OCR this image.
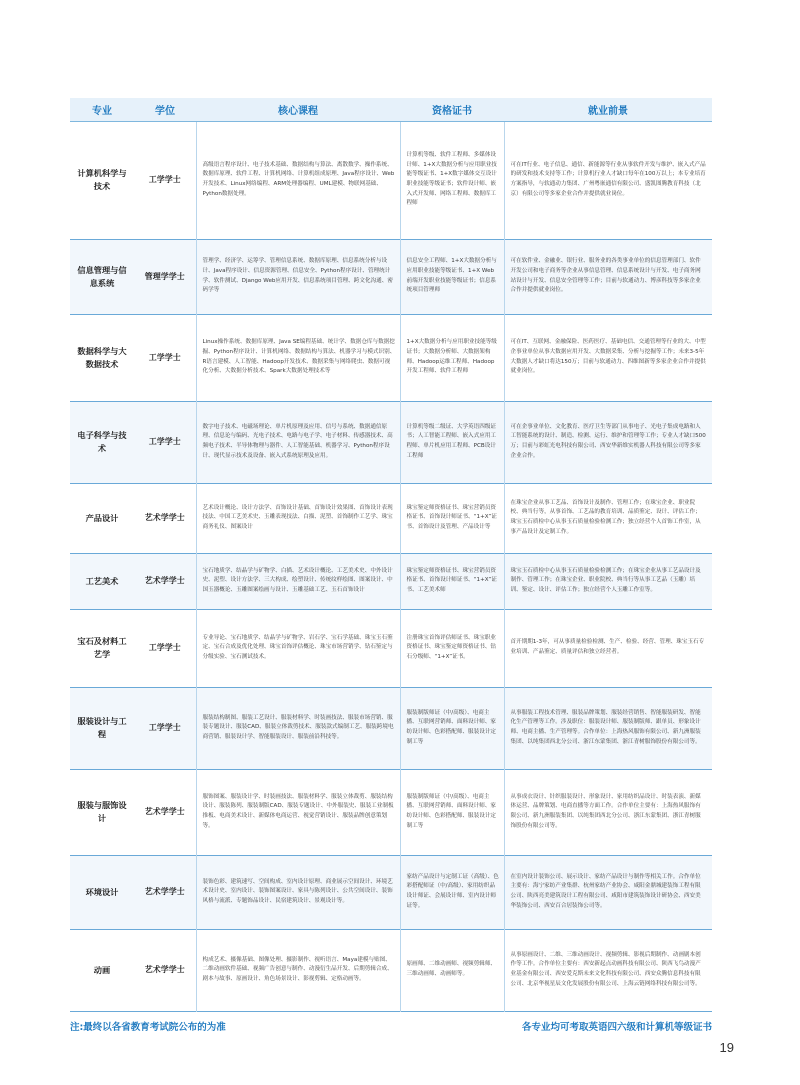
专业	学位	核心课程	资格证书	就业前景
计算机科学与技术	工学学士	高级语言程序设计、电子技术基础、数据结构与算法、离散数学、操作系统、数据库原理、软件工程、计算机网络、计算机组成原理、Java程序设计、Web开发技术、Linux网络编程、ARM处理器编程、UML建模、物联网基础、Python数据处理。	计算机等级、软件工程师、多媒体设计师、1+X大数据分析与应用职业技能等级证书、1+X数字媒体交互设计职业技能等级证书；软件设计师、嵌入式开发师、网络工程师、数据库工程师	可在IT行业、电子信息、通信、新能源等行业从事软件开发与维护、嵌入式产品的研发和技术支持等工作；计算机行业人才缺口每年在100万以上；本专业培育方案指导，与软通动力集团、广州粤嵌通信有限公司、盛凯图腾教育科技（北京）有限公司等多家企业合作并提供就业岗位。
信息管理与信息系统	管理学学士	管理学、经济学、运筹学、管理信息系统、数据库原理、信息系统分析与设计、Java程序设计、信息资源管理、信息安全、Python程序设计、管理统计学、软件测试、Django Web应用开发、信息系统项目管理、跨文化沟通、密码学等	信息安全工程师、1+X大数据分析与应用职业技能等级证书、1+X Web前端开发职业技能等级证书；信息系统项目管理师	可在软件业、金融业、银行业、服务业的各类事业单位的信息管理部门、软件开发公司和电子商务等企业从事信息管理、信息系统设计与开发、电子商务网站设计与开发、信息安全管理等工作；目前与软通动力、博彦科技等多家企业合作并提供就业岗位。
数据科学与大数据技术	工学学士	Linux操作系统、数据库原理、Java SE编程基础、统计学、数据仓库与数据挖掘、Python程序设计、计算机网络、数据结构与算法、机器学习与模式识别、R语言建模、人工智能、Hadoop开发技术、数据采集与网络爬虫、数据可视化分析、大数据分析技术、Spark大数据处理技术等	1+X大数据分析与应用职业技能等级证书；大数据分析师、大数据架构师、Hadoop运维工程师、Hadoop开发工程师、软件工程师	可在IT、互联网、金融保险、医药医疗、基础电信、交通管理等行业的大、中型企事业单位从事大数据应用开发、大数据采集、分析与挖掘等工作；未来3-5年大数据人才缺口将达150万；目前与软通动力、四维图新等多家企业合作并提供就业岗位。
电子科学与技术	工学学士	数字电子技术、电磁场理论、单片机原理及应用、信号与系统、数据通信原理、信息论与编码、光电子技术、电路与电子学、电子材料、传感器技术、高频电子技术、半导体物理与器件、人工智能基础、机器学习、Python程序设计、现代显示技术及设备、嵌入式系统原理及应用。	计算机等级二级证、大学英语四级证书；人工智能工程师、嵌入式应用工程师、单片机应用工程师、PCB设计工程师	可在企事业单位、文化教育、医疗卫生等部门从事电子、光电子集成电路和人工智能系统的设计、制造、检测、运行、维护和管理等工作；专业人才缺口500万；目前与彩虹光电科技有限公司、西安华新维实机器人科技有限公司等多家企业合作。
产品设计	艺术学学士	艺术设计概论、设计方法学、首饰设计基础、首饰设计效果图、首饰设计表现技法、中国工艺美术史、玉雕表现技法、白描、泥塑、首饰制作工艺学、珠宝商务礼仪、图案设计	珠宝鉴定师资格证书、珠宝营销员资格证书、首饰设计师证书、“1+X”证书、首饰设计及管理、产品设计等	在珠宝企业从事工艺品、首饰设计及制作、管理工作；在珠宝企业、职业院校、典当行等，从事首饰、工艺品的教育培训、品质鉴定、设计、评估工作；珠宝玉石质检中心从事玉石质量检验检测工作；独立经营个人首饰工作室，从事产品设计及定制工作。
工艺美术	艺术学学士	宝石地质学、结晶学与矿物学、白描、艺术设计概论、工艺美术史、中外设计史、泥塑、设计方法学、三大构成、绘塑设计、传统纹样绘图、图案设计、中国玉器概论、玉雕图案绘画与设计、玉雕基础工艺、玉石首饰设计	珠宝鉴定师资格证书、珠宝营销员资格证书、首饰设计师证书、“1+X”证书、工艺美术师	珠宝玉石质检中心从事玉石质量检验检测工作；在珠宝企业从事工艺品设计及制作、管理工作；在珠宝企业、职业院校、典当行等从事工艺品（玉雕）培训、鉴定、设计、评估工作；独立经营个人玉雕工作室等。
宝石及材料工艺学	工学学士	专业导论、宝石地质学、结晶学与矿物学、岩石学、宝石学基础、珠宝玉石鉴定、宝石合成及优化处理、珠宝首饰评估概论、珠宝市场营销学、钻石鉴定与分级实验、宝石测试技术。	注册珠宝首饰评估师证书、珠宝职业资格证书、珠宝鉴定师资格证书、钻石分级师、“1+X”证书。	首开期期1-3年，可从事质量检验检测、生产、检验、经营、管理、珠宝玉石专业培训、产品鉴定、质量评估和独立经营者。
服装设计与工程	工学学士	服装结构制图、服装工艺设计、服装材料学、时装画技法、服装市场营销、服装专题设计、服装CAD、服装立体裁剪技术、服装款式编制工艺、服装跨境电商营销、服装设计学、智能服装设计、服装前沿科技等。	服装制版师证（中/高级）、电商主播、互联网营销师、面料设计师、家纺设计师、色彩搭配师、服装设计定制工等	从事服装工程技术管理、服装品牌策划、服装经营销售、智能服装研发、智能化生产管理等工作。涉及职位：服装设计师、服装制版师、跟单员、形象设计师、电商主播、生产管理等。合作单位：上海热风服饰有限公司、新九洲服装集团、以纯集团西北分公司、浙江东蒙集团、浙江青树服饰股份有限公司等。
服装与服饰设计	艺术学学士	服饰图案、服装设计学、时装画技法、服装材料学、服装立体裁剪、服装结构设计、服装陈列、服装制版CAD、服装专题设计、中外服装史、服装工业制板推板、电商美术设计、新媒体电商运营、视觉营销设计、服装品牌创意策划等。	服装制版师证（中/高级）、电商主播、互联网营销师、面料设计师、家纺设计师、色彩搭配师、服装设计定制工等	从事成衣设计、针织服装设计、形象设计、家用纺织品设计、时装表演、新媒体运营、品牌策划、电商直播等方面工作。合作单位主要有：上海热风服饰有限公司、新九洲服装集团、以纯集团西北分公司、浙江东蒙集团、浙江青树服饰股份有限公司等。
环境设计	艺术学学士	装饰色彩、建筑速写、空间构成、室内设计原理、商业展示空间设计、环境艺术设计史、室内设计、装饰图案设计、家具与陈列设计、公共空间设计、装饰风格与流派、专题饰品设计、民宿建筑设计、景观设计等。	家纺产品设计与定制工证（高级）、色彩搭配师证（中/高级）、家用纺织品设计师证、会展设计师、室内设计师证等。	在室内设计装饰公司、展示设计、家纺产品设计与制作等相关工作。合作单位主要有：海宁家纺产业集群、杭州家纺产业协会、咸阳金鼎城建装饰工程有限公司、陕西亮美建筑设计工程有限公司、咸阳市建筑装饰设计研协会、西安美华装饰公司、西安百合居装饰公司等。
动画	艺术学学士	构成艺术、摄像基础、图像处理、摄影制作、视听语言、Maya建模与贴图、二维动画软件基础、视频广告创意与制作、动漫衍生品开发、后期剪辑合成、剧本与故事、原画设计、角色场景设计、影视剪辑、定格动画等。	原画师、二维动画师、视频剪辑师、三维动画师、动画师等。	从事原画设计、二维、三维动画设计、视频剪辑、影视后期制作、动画剧本创作等工作。合作单位主要有：西安新起点动画科技有限公司、陕西飞鸟动漫产业基金有限公司、西安爱克斯未来文化科技有限公司、西安众腾信息科技有限公司、北京华视星辰文化发展股份有限公司、上海云链网络科技有限公司等。
注:最终以各省教育考试院公布的为准	各专业均可考取英语四六级和计算机等级证书
19
